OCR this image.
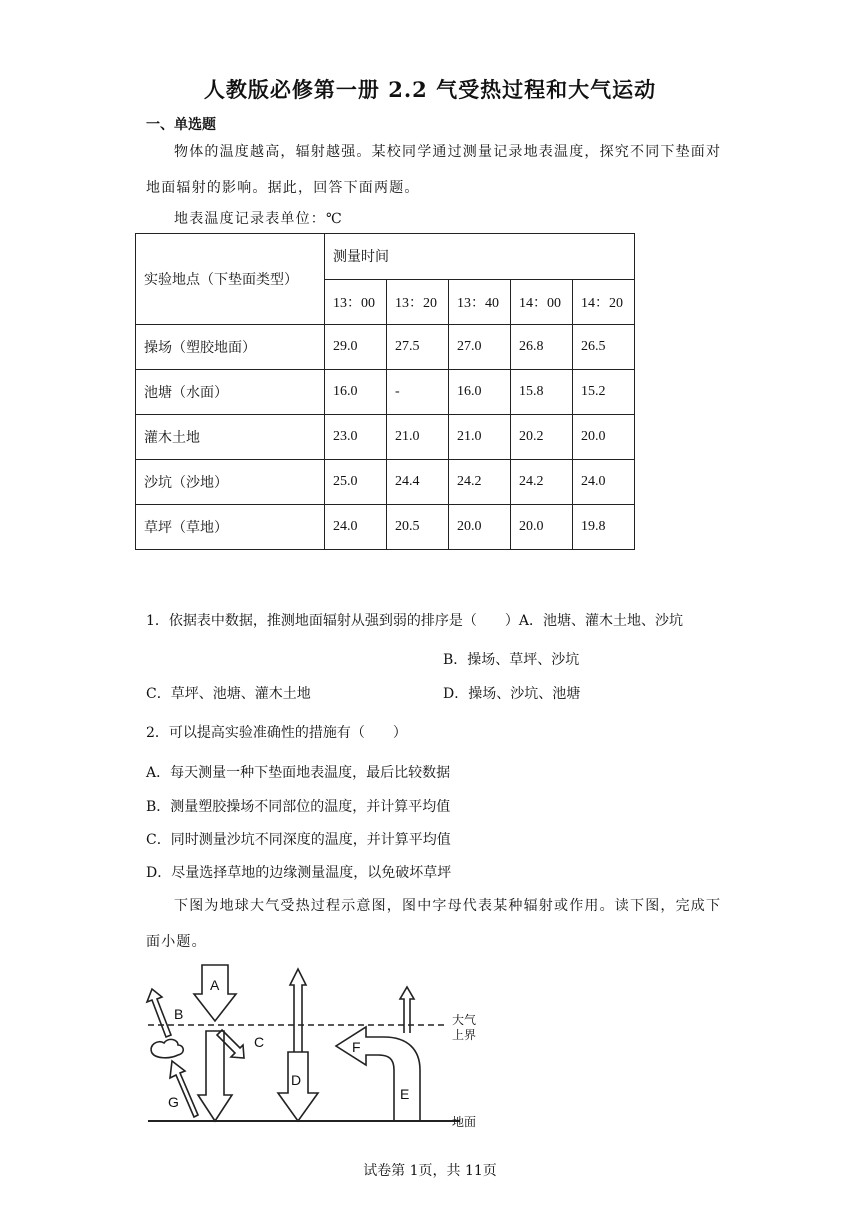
人教版必修第一册 2.2 气受热过程和大气运动
一、单选题
物体的温度越高，辐射越强。某校同学通过测量记录地表温度，探究不同下垫面对
地面辐射的影响。据此，回答下面两题。
地表温度记录表单位：℃
实验地点（下垫面类型）	测量时间				
	13：00	13：20	13：40	14：00	14：20
操场（塑胶地面）	29.0	27.5	27.0	26.8	26.5
池塘（水面）	16.0	-	16.0	15.8	15.2
灌木土地	23.0	21.0	21.0	20.2	20.0
沙坑（沙地）	25.0	24.4	24.2	24.2	24.0
草坪（草地）	24.0	20.5	20.0	20.0	19.8
1．依据表中数据，推测地面辐射从强到弱的排序是（　　）A．池塘、灌木土地、沙坑
B．操场、草坪、沙坑
C．草坪、池塘、灌木土地	D．操场、沙坑、池塘
2．可以提高实验准确性的措施有（　　）
A．每天测量一种下垫面地表温度，最后比较数据
B．测量塑胶操场不同部位的温度，并计算平均值
C．同时测量沙坑不同深度的温度，并计算平均值
D．尽量选择草地的边缘测量温度，以免破坏草坪
下图为地球大气受热过程示意图，图中字母代表某种辐射或作用。读下图，完成下
面小题。
A
B
C
D
E
F
G
大气
上界
地面
试卷第 1页，共 11页
